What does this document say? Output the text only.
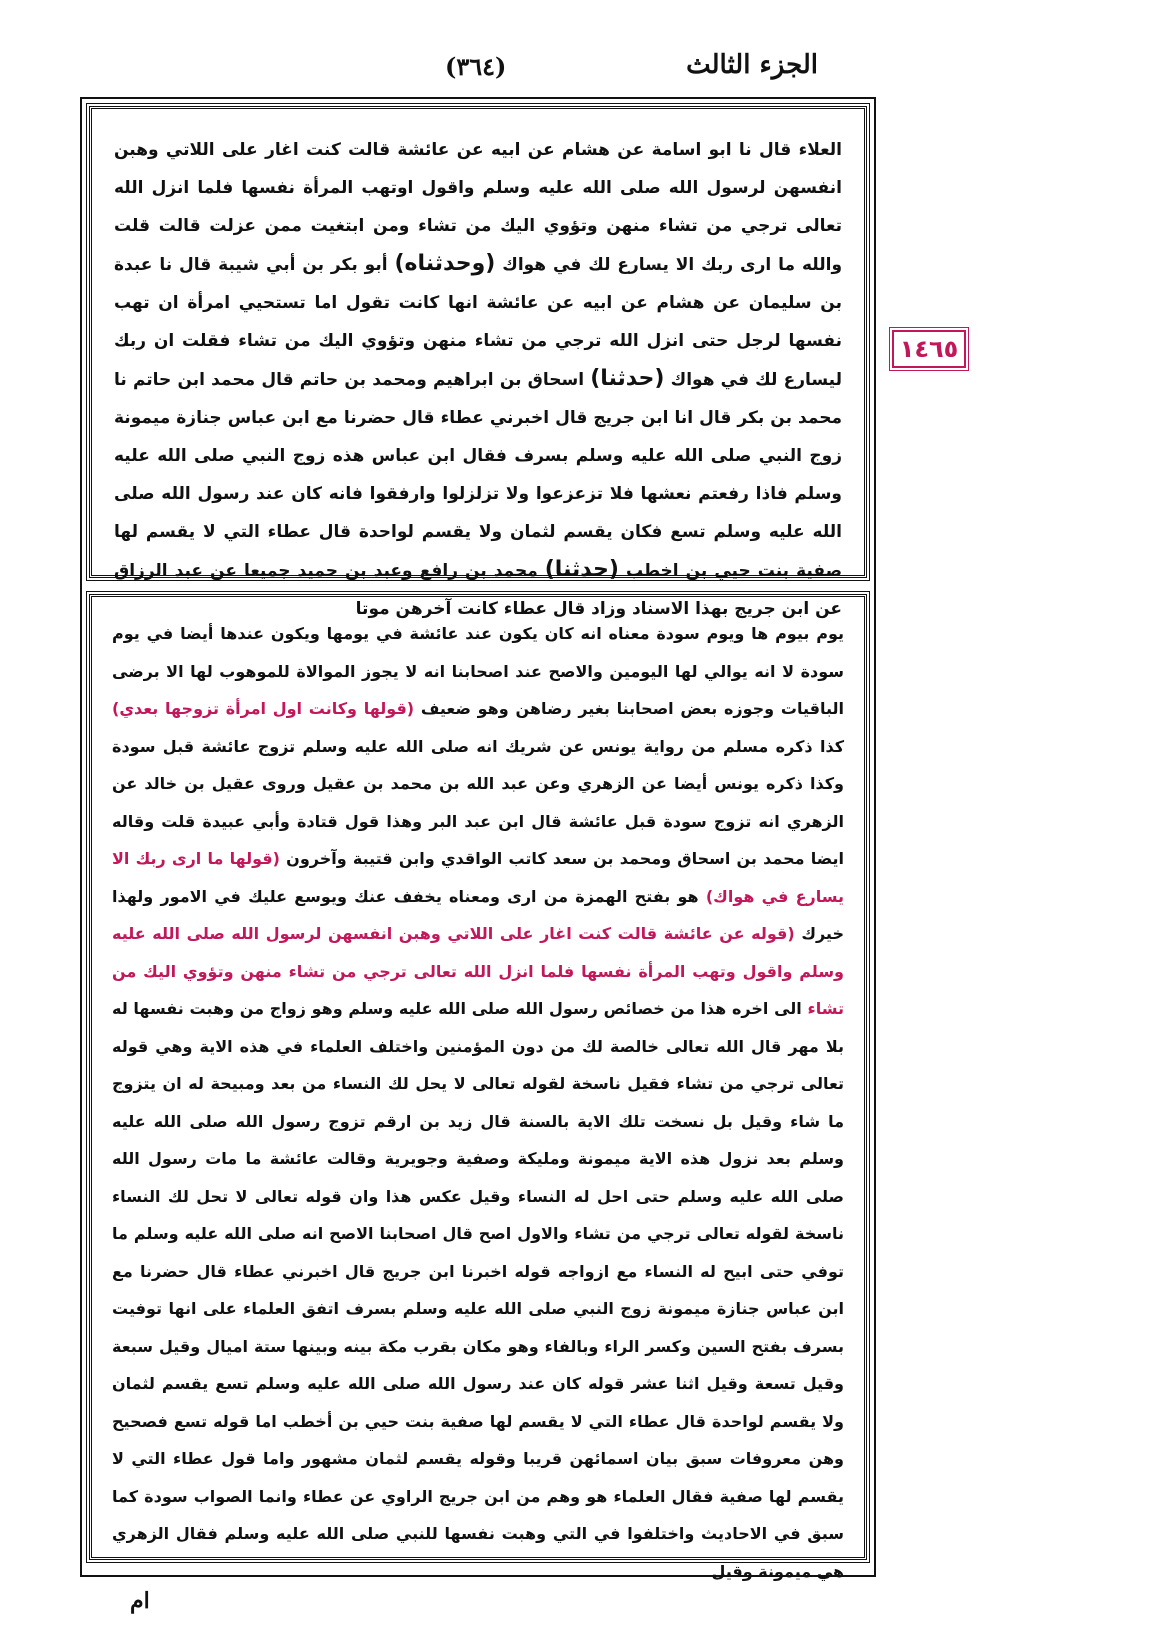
الجزء الثالث
(٣٦٤)
العلاء قال نا ابو اسامة عن هشام عن ابيه عن عائشة قالت كنت اغار على اللاتي وهبن انفسهن لرسول الله صلى الله عليه وسلم واقول اوتهب المرأة نفسها فلما انزل الله تعالى ترجي من تشاء منهن وتؤوي اليك من تشاء ومن ابتغيت ممن عزلت قالت قلت والله ما ارى ربك الا يسارع لك في هواك (وحدثناه) أبو بكر بن أبي شيبة قال نا عبدة بن سليمان عن هشام عن ابيه عن عائشة انها كانت تقول اما تستحيي امرأة ان تهب نفسها لرجل حتى انزل الله ترجي من تشاء منهن وتؤوي اليك من تشاء فقلت ان ربك ليسارع لك في هواك (حدثنا) اسحاق بن ابراهيم ومحمد بن حاتم قال محمد ابن حاتم نا محمد بن بكر قال انا ابن جريج قال اخبرني عطاء قال حضرنا مع ابن عباس جنازة ميمونة زوج النبي صلى الله عليه وسلم بسرف فقال ابن عباس هذه زوج النبي صلى الله عليه وسلم فاذا رفعتم نعشها فلا تزعزعوا ولا تزلزلوا وارفقوا فانه كان عند رسول الله صلى الله عليه وسلم تسع فكان يقسم لثمان ولا يقسم لواحدة قال عطاء التي لا يقسم لها صفية بنت حيي بن اخطب (حدثنا) محمد بن رافع وعبد بن حميد جميعا عن عبد الرزاق عن ابن جريج بهذا الاسناد وزاد قال عطاء كانت آخرهن موتا
يوم بيوم ها ويوم سودة معناه انه كان يكون عند عائشة في يومها ويكون عندها أيضا في يوم سودة لا انه يوالي لها اليومين والاصح عند اصحابنا انه لا يجوز الموالاة للموهوب لها الا برضى الباقيات وجوزه بعض اصحابنا بغير رضاهن وهو ضعيف (قولها وكانت اول امرأة تزوجها بعدي) كذا ذكره مسلم من رواية يونس عن شريك انه صلى الله عليه وسلم تزوج عائشة قبل سودة وكذا ذكره يونس أيضا عن الزهري وعن عبد الله بن محمد بن عقيل وروى عقيل بن خالد عن الزهري انه تزوج سودة قبل عائشة قال ابن عبد البر وهذا قول قتادة وأبي عبيدة قلت وقاله ايضا محمد بن اسحاق ومحمد بن سعد كاتب الواقدي وابن قتيبة وآخرون (قولها ما ارى ربك الا يسارع في هواك) هو بفتح الهمزة من ارى ومعناه يخفف عنك ويوسع عليك في الامور ولهذا خيرك (قوله عن عائشة قالت كنت اغار على اللاتي وهبن انفسهن لرسول الله صلى الله عليه وسلم واقول وتهب المرأة نفسها فلما انزل الله تعالى ترجي من تشاء منهن وتؤوي اليك من تشاء الى اخره هذا من خصائص رسول الله صلى الله عليه وسلم وهو زواج من وهبت نفسها له بلا مهر قال الله تعالى خالصة لك من دون المؤمنين واختلف العلماء في هذه الاية وهي قوله تعالى ترجي من تشاء فقيل ناسخة لقوله تعالى لا يحل لك النساء من بعد ومبيحة له ان يتزوج ما شاء وقيل بل نسخت تلك الاية بالسنة قال زيد بن ارقم تزوج رسول الله صلى الله عليه وسلم بعد نزول هذه الاية ميمونة ومليكة وصفية وجويرية وقالت عائشة ما مات رسول الله صلى الله عليه وسلم حتى احل له النساء وقيل عكس هذا وان قوله تعالى لا تحل لك النساء ناسخة لقوله تعالى ترجي من تشاء والاول اصح قال اصحابنا الاصح انه صلى الله عليه وسلم ما توفي حتى ابيح له النساء مع ازواجه قوله اخبرنا ابن جريج قال اخبرني عطاء قال حضرنا مع ابن عباس جنازة ميمونة زوج النبي صلى الله عليه وسلم بسرف اتفق العلماء على انها توفيت بسرف بفتح السين وكسر الراء وبالفاء وهو مكان بقرب مكة بينه وبينها ستة اميال وقيل سبعة وقيل تسعة وقيل اثنا عشر قوله كان عند رسول الله صلى الله عليه وسلم تسع يقسم لثمان ولا يقسم لواحدة قال عطاء التي لا يقسم لها صفية بنت حيي بن أخطب اما قوله تسع فصحيح وهن معروفات سبق بيان اسمائهن قريبا وقوله يقسم لثمان مشهور واما قول عطاء التي لا يقسم لها صفية فقال العلماء هو وهم من ابن جريج الراوي عن عطاء وانما الصواب سودة كما سبق في الاحاديث واختلفوا في التي وهبت نفسها للنبي صلى الله عليه وسلم فقال الزهري هي ميمونة وقيل
١٤٦٥
ام
